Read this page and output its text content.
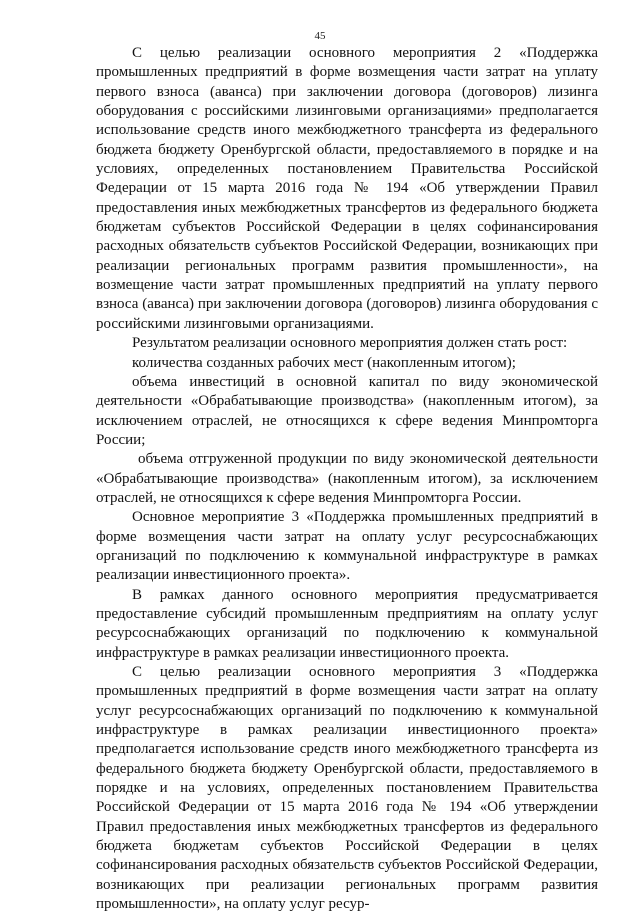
45

С целью реализации основного мероприятия 2 «Поддержка промышленных предприятий в форме возмещения части затрат на уплату первого взноса (аванса) при заключении договора (договоров) лизинга оборудования с российскими лизинговыми организациями» предполагается использование средств иного межбюджетного трансферта из федерального бюджета бюджету Оренбургской области, предоставляемого в порядке и на условиях, определенных постановлением Правительства Российской Федерации от 15 марта 2016 года № 194 «Об утверждении Правил предоставления иных межбюджетных трансфертов из федерального бюджета бюджетам субъектов Российской Федерации в целях софинансирования расходных обязательств субъектов Российской Федерации, возникающих при реализации региональных программ развития промышленности», на возмещение части затрат промышленных предприятий на уплату первого взноса (аванса) при заключении договора (договоров) лизинга оборудования с российскими лизинговыми организациями.

Результатом реализации основного мероприятия должен стать рост:

количества созданных рабочих мест (накопленным итогом);

объема инвестиций в основной капитал по виду экономической деятельности «Обрабатывающие производства» (накопленным итогом), за исключением отраслей, не относящихся к сфере ведения Минпромторга России;

объема отгруженной продукции по виду экономической деятельности «Обрабатывающие производства» (накопленным итогом), за исключением отраслей, не относящихся к сфере ведения Минпромторга России.

Основное мероприятие 3 «Поддержка промышленных предприятий в форме возмещения части затрат на оплату услуг ресурсоснабжающих организаций по подключению к коммунальной инфраструктуре в рамках реализации инвестиционного проекта».

В рамках данного основного мероприятия предусматривается предоставление субсидий промышленным предприятиям на оплату услуг ресурсоснабжающих организаций по подключению к коммунальной инфраструктуре в рамках реализации инвестиционного проекта.

С целью реализации основного мероприятия 3 «Поддержка промышленных предприятий в форме возмещения части затрат на оплату услуг ресурсоснабжающих организаций по подключению к коммунальной инфраструктуре в рамках реализации инвестиционного проекта» предполагается использование средств иного межбюджетного трансферта из федерального бюджета бюджету Оренбургской области, предоставляемого в порядке и на условиях, определенных постановлением Правительства Российской Федерации от 15 марта 2016 года № 194 «Об утверждении Правил предоставления иных межбюджетных трансфертов из федерального бюджета бюджетам субъектов Российской Федерации в целях софинансирования расходных обязательств субъектов Российской Федерации, возникающих при реализации региональных программ развития промышленности», на оплату услуг ресур-
